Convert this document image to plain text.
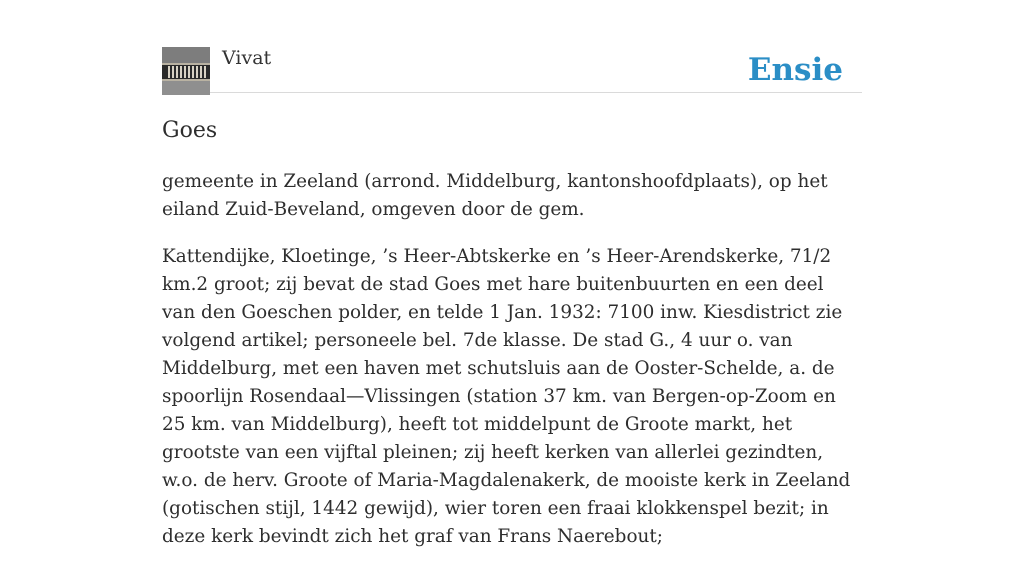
Vivat	Ensie
Goes

gemeente in Zeeland (arrond. Middelburg, kantonshoofdplaats), op het eiland Zuid-Beveland, omgeven door de gem.

Kattendijke, Kloetinge, ’s Heer-Abtskerke en ’s Heer-Arendskerke, 71/2 km.2 groot; zij bevat de stad Goes met hare buitenbuurten en een deel van den Goeschen polder, en telde 1 Jan. 1932: 7100 inw. Kiesdistrict zie volgend artikel; personeele bel. 7de klasse. De stad G., 4 uur o. van Middelburg, met een haven met schutsluis aan de Ooster-Schelde, a. de spoorlijn Rosendaal—Vlissingen (station 37 km. van Bergen-op-Zoom en 25 km. van Middelburg), heeft tot middelpunt de Groote markt, het grootste van een vijftal pleinen; zij heeft kerken van allerlei gezindten, w.o. de herv. Groote of Maria-Magdalenakerk, de mooiste kerk in Zeeland (gotischen stijl, 1442 gewijd), wier toren een fraai klokkenspel bezit; in deze kerk bevindt zich het graf van Frans Naerebout;
